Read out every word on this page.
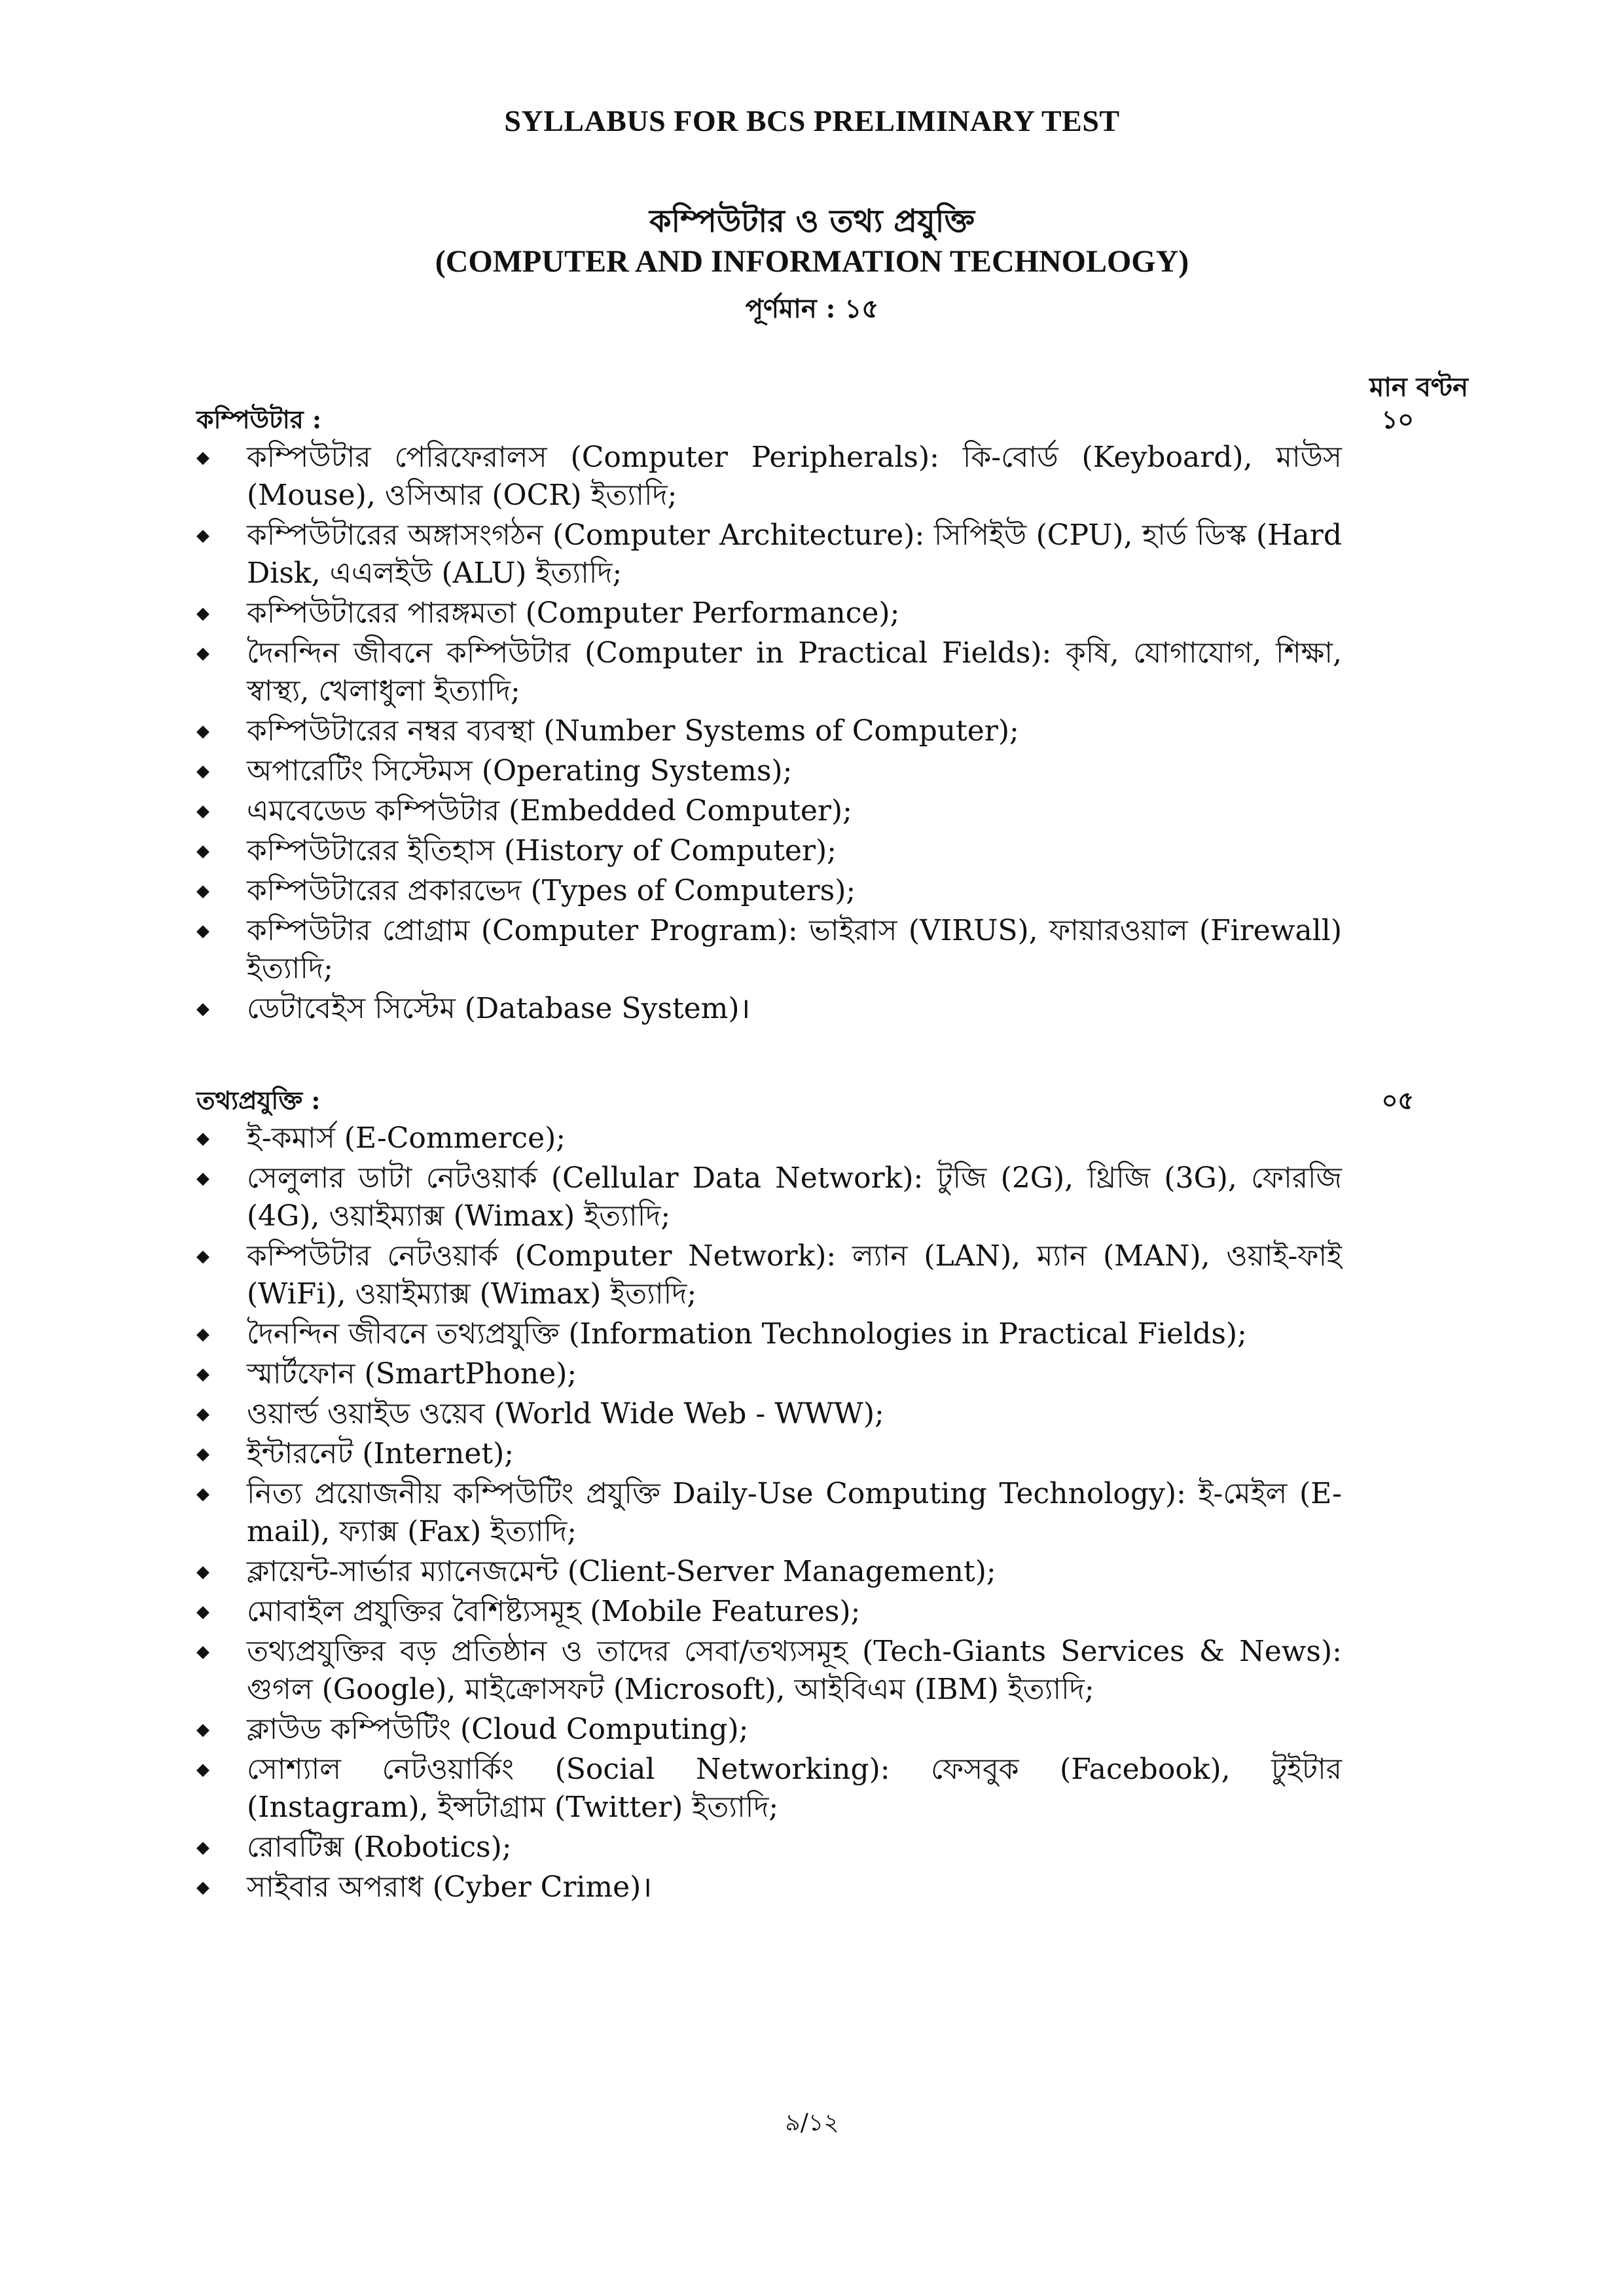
SYLLABUS FOR BCS PRELIMINARY TEST
কম্পিউটার ও তথ্য প্রযুক্তি
(COMPUTER AND INFORMATION TECHNOLOGY)
পূর্ণমান : ১৫
মান বণ্টন
কম্পিউটার :	১০
◆ কম্পিউটার পেরিফেরালস (Computer Peripherals): কি-বোর্ড (Keyboard), মাউস (Mouse), ওসিআর (OCR) ইত্যাদি;
◆ কম্পিউটারের অঙ্গাসংগঠন (Computer Architecture): সিপিইউ (CPU), হার্ড ডিস্ক (Hard Disk, এএলইউ (ALU) ইত্যাদি;
◆ কম্পিউটারের পারঙ্গমতা (Computer Performance);
◆ দৈনন্দিন জীবনে কম্পিউটার (Computer in Practical Fields): কৃষি, যোগাযোগ, শিক্ষা, স্বাস্থ্য, খেলাধুলা ইত্যাদি;
◆ কম্পিউটারের নম্বর ব্যবস্থা (Number Systems of Computer);
◆ অপারেটিং সিস্টেমস (Operating Systems);
◆ এমবেডেড কম্পিউটার (Embedded Computer);
◆ কম্পিউটারের ইতিহাস (History of Computer);
◆ কম্পিউটারের প্রকারভেদ (Types of Computers);
◆ কম্পিউটার প্রোগ্রাম (Computer Program): ভাইরাস (VIRUS), ফায়ারওয়াল (Firewall) ইত্যাদি;
◆ ডেটাবেইস সিস্টেম (Database System)।
তথ্যপ্রযুক্তি :	০৫
◆ ই-কমার্স (E-Commerce);
◆ সেলুলার ডাটা নেটওয়ার্ক (Cellular Data Network): টুজি (2G), থ্রিজি (3G), ফোরজি (4G), ওয়াইম্যাক্স (Wimax) ইত্যাদি;
◆ কম্পিউটার নেটওয়ার্ক (Computer Network): ল্যান (LAN), ম্যান (MAN), ওয়াই-ফাই (WiFi), ওয়াইম্যাক্স (Wimax) ইত্যাদি;
◆ দৈনন্দিন জীবনে তথ্যপ্রযুক্তি (Information Technologies in Practical Fields);
◆ স্মার্টফোন (SmartPhone);
◆ ওয়ার্ল্ড ওয়াইড ওয়েব (World Wide Web - WWW);
◆ ইন্টারনেট (Internet);
◆ নিত্য প্রয়োজনীয় কম্পিউটিং প্রযুক্তি Daily-Use Computing Technology): ই-মেইল (E-mail), ফ্যাক্স (Fax) ইত্যাদি;
◆ ক্লায়েন্ট-সার্ভার ম্যানেজমেন্ট (Client-Server Management);
◆ মোবাইল প্রযুক্তির বৈশিষ্ট্যসমূহ (Mobile Features);
◆ তথ্যপ্রযুক্তির বড় প্রতিষ্ঠান ও তাদের সেবা/তথ্যসমূহ (Tech-Giants Services & News): গুগল (Google), মাইক্রোসফট (Microsoft), আইবিএম (IBM) ইত্যাদি;
◆ ক্লাউড কম্পিউটিং (Cloud Computing);
◆ সোশ্যাল নেটওয়ার্কিং (Social Networking): ফেসবুক (Facebook), টুইটার (Instagram), ইন্সটাগ্রাম (Twitter) ইত্যাদি;
◆ রোবটিক্স (Robotics);
◆ সাইবার অপরাধ (Cyber Crime)।
৯/১২
